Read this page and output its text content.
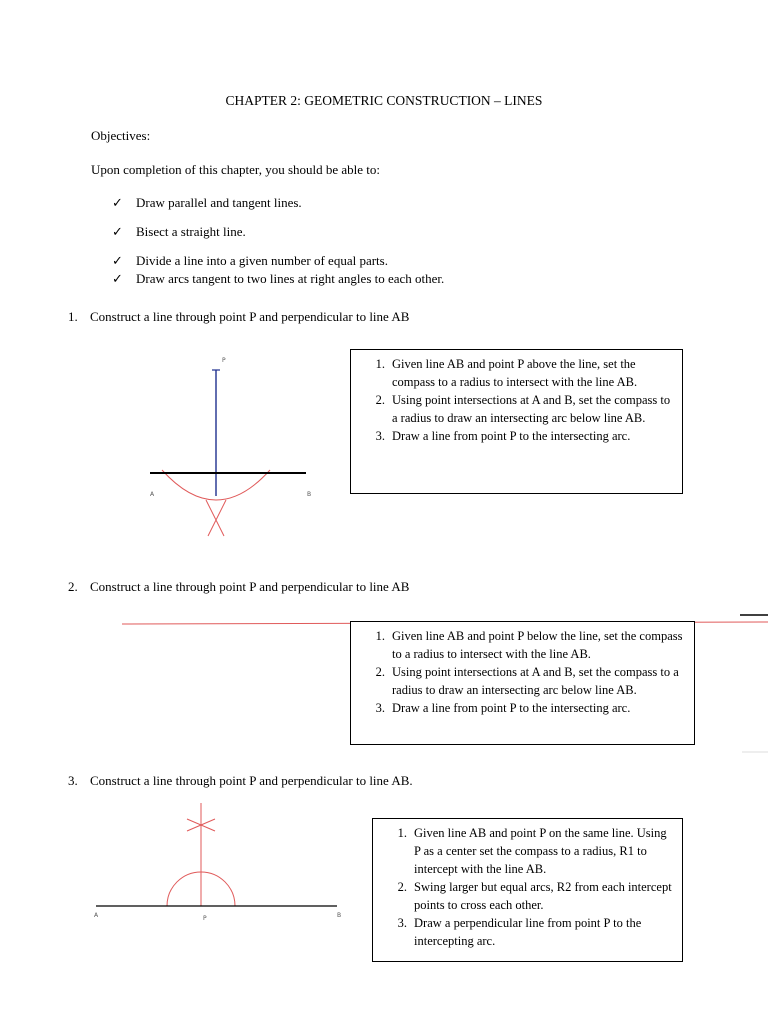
CHAPTER 2: GEOMETRIC CONSTRUCTION – LINES
Objectives:
Upon completion of this chapter, you should be able to:
✓ Draw parallel and tangent lines.
✓ Bisect a straight line.
✓ Divide a line into a given number of equal parts.
✓ Draw arcs tangent to two lines at right angles to each other.
1. Construct a line through point P and perpendicular to line AB
P
A	B
A	P	B
1. Given line AB and point P above the line, set the compass to a radius to intersect with the line AB.
2. Using point intersections at A and B, set the compass to a radius to draw an intersecting arc below line AB.
3. Draw a line from point P to the intersecting arc.
2. Construct a line through point P and perpendicular to line AB
1. Given line AB and point P below the line, set the compass to a radius to intersect with the line AB.
2. Using point intersections at A and B, set the compass to a radius to draw an intersecting arc below line AB.
3. Draw a line from point P to the intersecting arc.
3. Construct a line through point P and perpendicular to line AB.
1. Given line AB and point P on the same line. Using P as a center set the compass to a radius, R1 to intercept with the line AB.
2. Swing larger but equal arcs, R2 from each intercept points to cross each other.
3. Draw a perpendicular line from point P to the intercepting arc.
